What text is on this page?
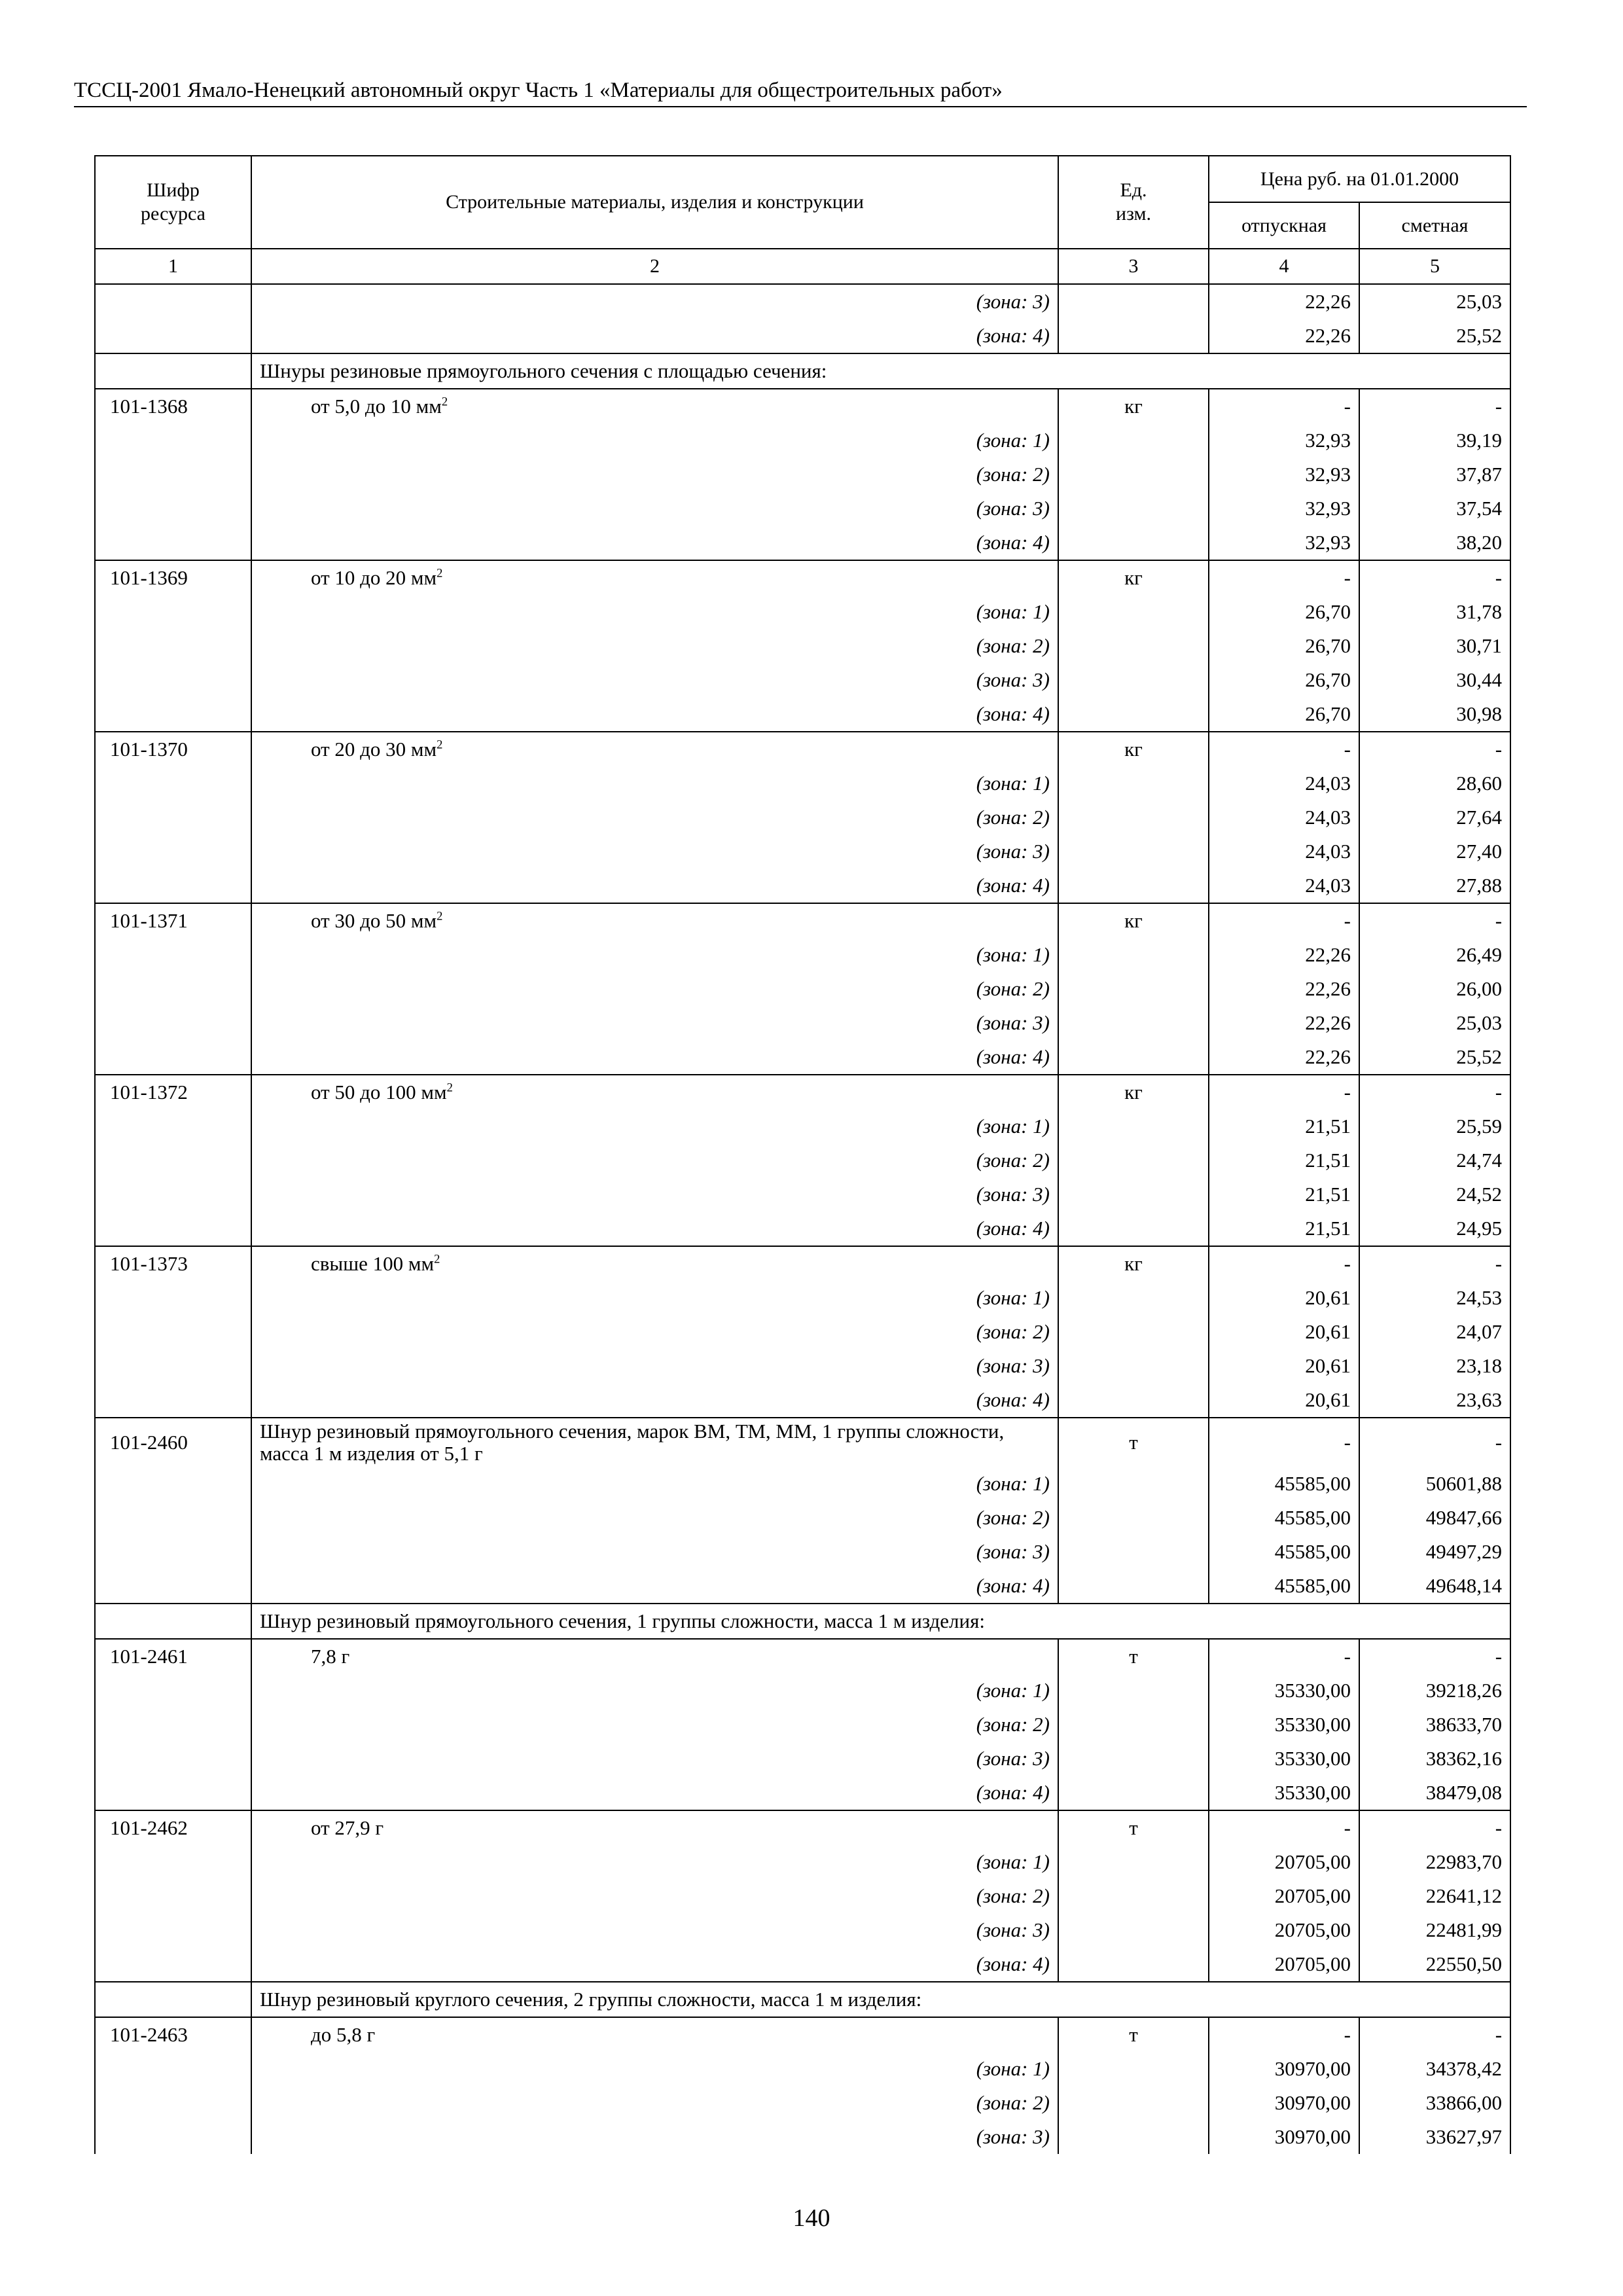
ТССЦ-2001 Ямало-Ненецкий автономный округ Часть 1 «Материалы для общестроительных работ»
Шифр ресурса	Строительные материалы, изделия и конструкции	Ед. изм.	Цена руб. на 01.01.2000	
			отпускная	сметная
1	2	3	4	5
	(зона: 3)		22,26	25,03
	(зона: 4)		22,26	25,52
	Шнуры резиновые прямоугольного сечения с площадью сечения:			
101-1368	от 5,0 до 10 $мм^2$	кг	-	-
	(зона: 1)		32,93	39,19
	(зона: 2)		32,93	37,87
	(зона: 3)		32,93	37,54
	(зона: 4)		32,93	38,20
101-1369	от 10 до 20 $мм^2$	кг	-	-
	(зона: 1)		26,70	31,78
	(зона: 2)		26,70	30,71
	(зона: 3)		26,70	30,44
	(зона: 4)		26,70	30,98
101-1370	от 20 до 30 $мм^2$	кг	-	-
	(зона: 1)		24,03	28,60
	(зона: 2)		24,03	27,64
	(зона: 3)		24,03	27,40
	(зона: 4)		24,03	27,88
101-1371	от 30 до 50 $мм^2$	кг	-	-
	(зона: 1)		22,26	26,49
	(зона: 2)		22,26	26,00
	(зона: 3)		22,26	25,03
	(зона: 4)		22,26	25,52
101-1372	от 50 до 100 $мм^2$	кг	-	-
	(зона: 1)		21,51	25,59
	(зона: 2)		21,51	24,74
	(зона: 3)		21,51	24,52
	(зона: 4)		21,51	24,95
101-1373	свыше 100 $мм^2$	кг	-	-
	(зона: 1)		20,61	24,53
	(зона: 2)		20,61	24,07
	(зона: 3)		20,61	23,18
	(зона: 4)		20,61	23,63
101-2460	Шнур резиновый прямоугольного сечения, марок ВМ, ТМ, ММ, 1 группы сложности, масса 1 м изделия от 5,1 г	т	-	-
	(зона: 1)		45585,00	50601,88
	(зона: 2)		45585,00	49847,66
	(зона: 3)		45585,00	49497,29
	(зона: 4)		45585,00	49648,14
	Шнур резиновый прямоугольного сечения, 1 группы сложности, масса 1 м изделия:			
101-2461	7,8 г	т	-	-
	(зона: 1)		35330,00	39218,26
	(зона: 2)		35330,00	38633,70
	(зона: 3)		35330,00	38362,16
	(зона: 4)		35330,00	38479,08
101-2462	от 27,9 г	т	-	-
	(зона: 1)		20705,00	22983,70
	(зона: 2)		20705,00	22641,12
	(зона: 3)		20705,00	22481,99
	(зона: 4)		20705,00	22550,50
	Шнур резиновый круглого сечения, 2 группы сложности, масса 1 м изделия:			
101-2463	до 5,8 г	т	-	-
	(зона: 1)		30970,00	34378,42
	(зона: 2)		30970,00	33866,00
	(зона: 3)		30970,00	33627,97
140
